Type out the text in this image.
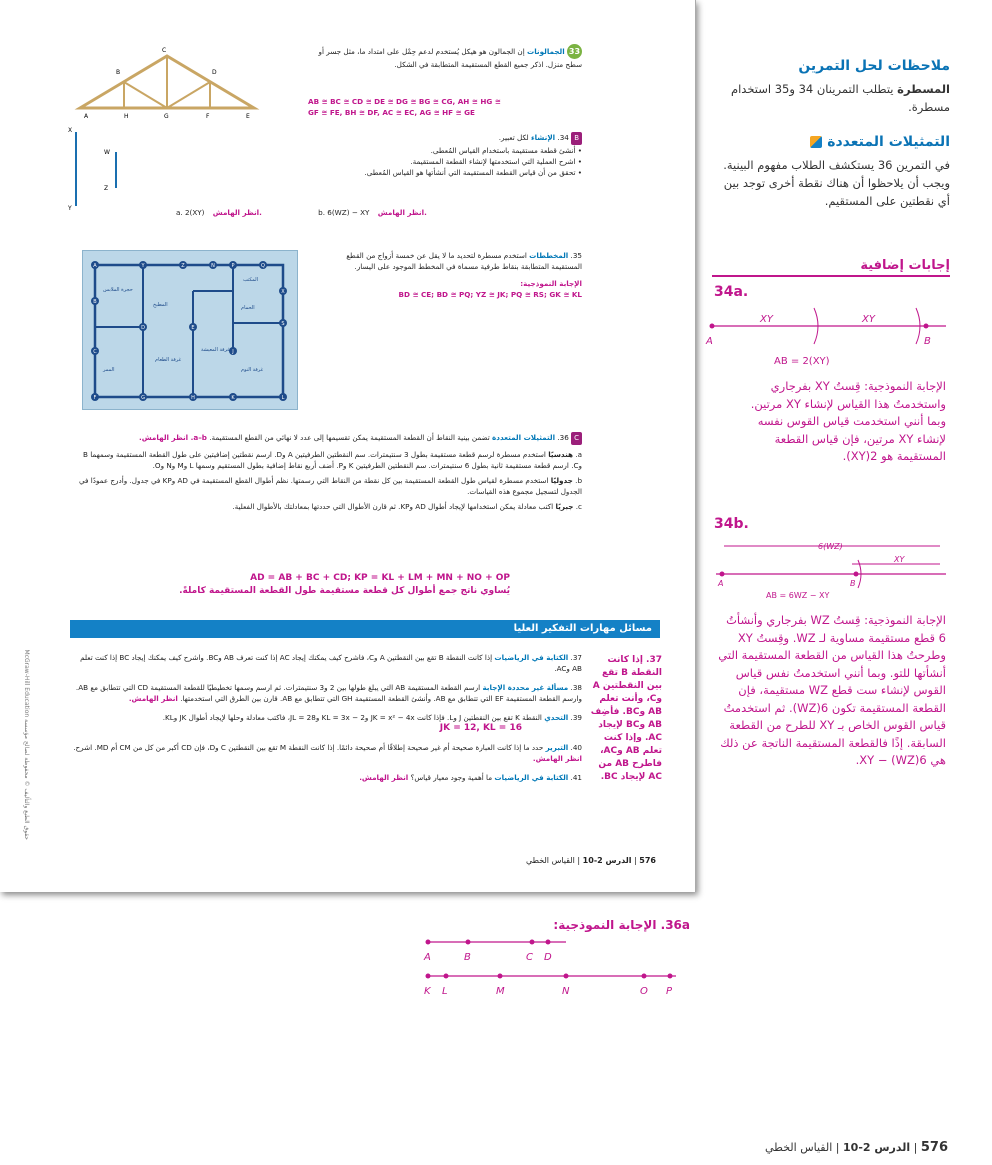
C
B	D
A	H	G	F	E
33 الجمالونات إن الجمالون هو هيكل يُستخدم لدعم حِمْل على امتداد ما، مثل جسر أو سطح منزل. اذكر جميع القطع المستقيمة المتطابقة في الشكل.
AB ≅ BC ≅ CD ≅ DE ≅ DG ≅ BG ≅ CG, AH ≅ HG ≅
GF ≅ FE, BH ≅ DF, AC ≅ EC, AG ≅ HF ≅ GE
X
Y
W
Z
B 34. الإنشاء لكل تعبير.
• أنشئ قطعة مستقيمة باستخدام القياس المُعطى.
• اشرح العملية التي استخدمتها لإنشاء القطعة المستقيمة.
• تحقق من أن قياس القطعة المستقيمة التي أنشأتها هو القياس المُعطى.
a. 2(XY) انظر الهامش.	b. 6(WZ) − XY انظر الهامش.
A	Y	Z	N	P	Q
B
X
C
D	E
S
F	G	H
J
K	L
الممر
المطبخ
غرفة الطعام
غرفة المعيشة
المكتب
الحمام
غرفة النوم
حجرة الملابس
35. المخططات استخدم مسطرة لتحديد ما لا يقل عن خمسة أزواج من القطع المستقيمة المتطابقة بنقاط طرفية مسماة في المخطط الموجود على اليسار.
الإجابة النموذجية:
BD ≅ CE; BD ≅ PQ; YZ ≅ JK; PQ ≅ RS; GK ≅ KL
C 36. التمثيلات المتعددة تضمن بينية النقاط أن القطعة المستقيمة يمكن تقسيمها إلى عدد لا نهائي من القطع المستقيمة. a–b. انظر الهامش.
a. هندسيًا استخدم مسطرة لرسم قطعة مستقيمة بطول 3 سنتيمترات. سم النقطتين الطرفيتين A وD. ارسم نقطتين إضافيتين على طول القطعة المستقيمة وسمهما B وC. ارسم قطعة مستقيمة ثانية بطول 6 سنتيمترات. سم النقطتين الطرفيتين K وP. أضف أربع نقاط إضافية بطول المستقيم وسمها L وM وN وO.
b. جدوليًا استخدم مسطرة لقياس طول القطعة المستقيمة بين كل نقطة من النقاط التي رسمتها. نظم أطوال القطع المستقيمة في AD وKP في جدول. وأدرج عمودًا في الجدول لتسجيل مجموع هذه القياسات.
c. جبريًا اكتب معادلة يمكن استخدامها لإيجاد أطوال AD وKP. ثم قارن الأطوال التي حددتها بمعادلتك بالأطوال الفعلية.
AD = AB + BC + CD; KP = KL + LM + MN + NO + OP
يُساوي ناتج جمع أطوال كل قطعة مستقيمة طول القطعة المستقيمة كاملةً.
حقوق الطبع والتأليف © محفوظة لصالح مؤسسة McGraw-Hill Education
مسائل مهارات التفكير العليا
37. الكتابة في الرياضيات إذا كانت النقطة B تقع بين النقطتين A وC، فاشرح كيف يمكنك إيجاد AC إذا كنت تعرف AB وBC. واشرح كيف يمكنك إيجاد BC إذا كنت تعلم AB وAC.
38. مسألة غير محددة الإجابة ارسم القطعة المستقيمة AB التي يبلغ طولها بين 2 و3 سنتيمترات. ثم ارسم وسمها تخطيطيًا للقطعة المستقيمة CD التي تتطابق مع AB. وارسم القطعة المستقيمة EF التي تتطابق مع AB. وأنشئ القطعة المستقيمة GH التي تتطابق مع AB. قارن بين الطرق التي استخدمتها. انظر الهامش.
39. التحدي النقطة K تقع بين النقطتين J وL. فإذا كانت JK = x² − 4x وKL = 3x − 2 وJL = 28، فاكتب معادلة وحلها لإيجاد أطوال JK وKL.
JK = 12, KL = 16
40. التبرير حدد ما إذا كانت العبارة صحيحة أم غير صحيحة إطلاقًا أم صحيحة دائمًا. إذا كانت النقطة M تقع بين النقطتين C وD، فإن CD أكبر من كل من CM أم MD. اشرح. انظر الهامش.
41. الكتابة في الرياضيات ما أهمية وجود معيار قياس؟ انظر الهامش.
37. إذا كانت النقطة B تقع بين النقطتين A وC، وأنت تعلم AB وBC. فأضِف AB وBC لإيجاد AC. وإذا كنت تعلم AB وAC، فاطرح AB من AC لإيجاد BC.
576 | الدرس 2-10 | القياس الخطي
ملاحظات لحل التمرين
المسطرة يتطلب التمرينان 34 و35 استخدام مسطرة.
التمثيلات المتعددة
في التمرين 36 يستكشف الطلاب مفهوم البينية. ويجب أن يلاحظوا أن هناك نقطة أخرى توجد بين أي نقطتين على المستقيم.
إجابات إضافية
34a.
XY	XY
A	B
AB = 2(XY)
الإجابة النموذجية: قِستُ XY بفرجاري واستخدمتُ هذا القياس لإنشاء XY مرتين. وبما أنني استخدمت قياس القوس نفسه لإنشاء XY مرتين، فإن قياس القطعة المستقيمة هو 2(XY).
34b.
6(WZ)
XY
A	B
AB = 6WZ − XY
الإجابة النموذجية: قِستُ WZ بفرجاري وأنشأتُ 6 قطع مستقيمة مساوية لـ WZ. وقِستُ XY وطرحتُ هذا القياس من القطعة المستقيمة التي أنشأتها للتو. وبما أنني استخدمتُ نفس قياس القوس لإنشاء ست قطع WZ مستقيمة، فإن القطعة المستقيمة تكون 6(WZ). ثم استخدمتُ قياس القوس الخاص بـ XY للطرح من القطعة السابقة. إذًا فالقطعة المستقيمة الناتجة عن ذلك هي 6(WZ) − XY.
36a. الإجابة النموذجية:
A	B	C D
K L	M	N	O P
576 | الدرس 2-10 | القياس الخطي
